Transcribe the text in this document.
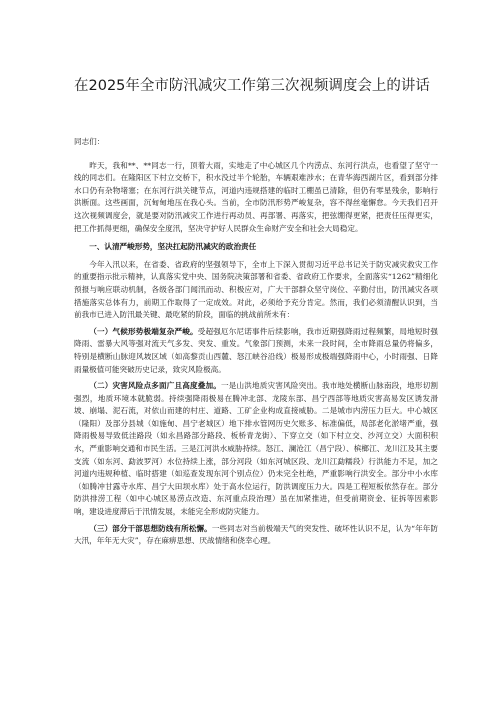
在2025年全市防汛减灾工作第三次视频调度会上的讲话

同志们：

昨天，我和**、**同志一行，顶着大雨，实地走了中心城区几个内涝点、东河行洪点，也看望了坚守一线的同志们。在隆阳区下村立交桥下，积水没过半个轮胎，车辆艰难涉水；在青华海西湖片区，看到部分排水口仍有杂物堵塞；在东河行洪关键节点，河道内违规搭建的临时工棚虽已清除，但仍有零星残余，影响行洪断面。这些画面，沉甸甸地压在我心头。当前，全市防汛形势严峻复杂，容不得丝毫懈怠。今天我们召开这次视频调度会，就是要对防汛减灾工作进行再动员、再部署、再落实，把弦绷得更紧，把责任压得更实，把工作抓得更细，确保安全度汛，坚决守护好人民群众生命财产安全和社会大局稳定。

一、认清严峻形势，坚决扛起防汛减灾的政治责任

今年入汛以来，在省委、省政府的坚强领导下，全市上下深入贯彻习近平总书记关于防灾减灾救灾工作的重要指示批示精神，认真落实党中央、国务院决策部署和省委、省政府工作要求，全面落实“1262”精细化预报与响应联动机制，各级各部门闻汛而动、积极应对，广大干部群众坚守岗位、辛勤付出，防汛减灾各项措施落实总体有力，前期工作取得了一定成效。对此，必须给予充分肯定。然而，我们必须清醒认识到，当前我市已进入防汛最关键、最吃紧的阶段，面临的挑战前所未有：

（一）气候形势极端复杂严峻。受超强厄尔尼诺事件后续影响，我市近期强降雨过程频繁，局地短时强降雨、雷暴大风等强对流天气多发、突发、重发。气象部门预测，未来一段时间，全市降雨总量仍将偏多，特别是横断山脉迎风坡区域（如高黎贡山西麓、怒江峡谷沿线）极易形成极端强降雨中心，小时雨强、日降雨量极值可能突破历史记录，致灾风险极高。

（二）灾害风险点多面广且高度叠加。一是山洪地质灾害风险突出。我市地处横断山脉南段，地形切割强烈，地质环境本就脆弱。持续强降雨极易在腾冲北部、龙陵东部、昌宁西部等地质灾害高易发区诱发滑坡、崩塌、泥石流，对依山而建的村庄、道路、工矿企业构成直接威胁。二是城市内涝压力巨大。中心城区（隆阳）及部分县城（如施甸、昌宁老城区）地下排水管网历史欠账多、标准偏低，局部老化淤堵严重，强降雨极易导致低洼路段（如永昌路部分路段、板桥青龙街）、下穿立交（如下村立交、沙河立交）大面积积水，严重影响交通和市民生活。三是江河洪水威胁持续。怒江、澜沧江（昌宁段）、槟榔江、龙川江及其主要支流（如东河、勐波罗河）水位持续上涨，部分河段（如东河城区段、龙川江勐糯段）行洪能力不足，加之河道内违规种植、临时搭建（如巡查发现东河个别点位）仍未完全杜绝，严重影响行洪安全。部分中小水库（如腾冲甘露寺水库、昌宁大田坝水库）处于高水位运行，防洪调度压力大。四是工程短板依然存在。部分防洪排涝工程（如中心城区易涝点改造、东河重点段治理）虽在加紧推进，但受前期资金、征拆等因素影响，建设进度滞后于汛情发展，未能完全形成防灾能力。

（三）部分干部思想防线有所松懈。一些同志对当前极端天气的突发性、破坏性认识不足，认为“年年防大汛，年年无大灾”，存在麻痹思想、厌战情绪和侥幸心理。
